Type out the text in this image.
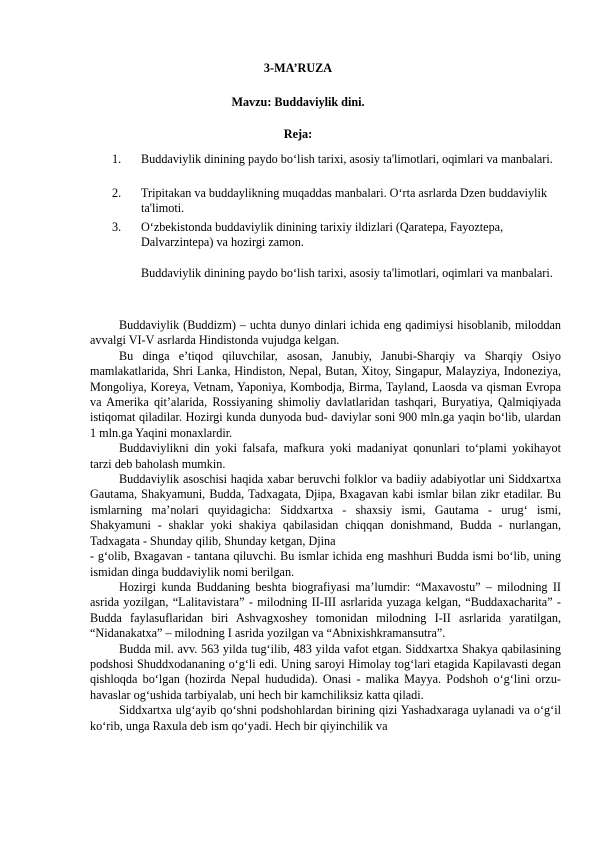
3-MA’RUZA
Mavzu: Buddaviylik dini.
Reja:
1. Buddaviylik dinining paydo bo‘lish tarixi, asosiy ta'limotlari, oqimlari va manbalari.
2. Tripitakan va buddaylikning muqaddas manbalari. O‘rta asrlarda Dzen buddaviylik ta'limoti.
3. O‘zbekistonda buddaviylik dinining tarixiy ildizlari (Qaratepa, Fayoztepa, Dalvarzintepa) va hozirgi zamon.
Buddaviylik dinining paydo bo‘lish tarixi, asosiy ta'limotlari, oqimlari va manbalari.

Buddaviylik (Buddizm) – uchta dunyo dinlari ichida eng qadimiysi hisoblanib, miloddan avvalgi VI-V asrlarda Hindistonda vujudga kelgan.

Bu dinga e’tiqod qiluvchilar, asosan, Janubiy, Janubi-Sharqiy va Sharqiy Osiyo mamlakatlarida, Shri Lanka, Hindiston, Nepal, Butan, Xitoy, Singapur, Malayziya, Indoneziya, Mongoliya, Koreya, Vetnam, Yaponiya, Kombodja, Birma, Tayland, Laosda va qisman Evropa va Amerika qit’alarida, Rossiyaning shimoliy davlatlaridan tashqari, Buryatiya, Qalmiqiyada istiqomat qiladilar. Hozirgi kunda dunyoda bud- daviylar soni 900 mln.ga yaqin bo‘lib, ulardan 1 mln.ga Yaqini monaxlardir.

Buddaviylikni din yoki falsafa, mafkura yoki madaniyat qonunlari to‘plami yokihayot tarzi deb baholash mumkin.

Buddaviylik asoschisi haqida xabar beruvchi folklor va badiiy adabiyotlar uni Siddxartxa Gautama, Shakyamuni, Budda, Tadxagata, Djipa, Bxagavan kabi ismlar bilan zikr etadilar. Bu ismlarning ma’nolari quyidagicha: Siddxartxa - shaxsiy ismi, Gautama - urug‘ ismi, Shakyamuni - shaklar yoki shakiya qabilasidan chiqqan donishmand, Budda - nurlangan, Tadxagata - Shunday qilib, Shunday ketgan, Djina

- g‘olib, Bxagavan - tantana qiluvchi. Bu ismlar ichida eng mashhuri Budda ismi bo‘lib, uning ismidan dinga buddaviylik nomi berilgan.

Hozirgi kunda Buddaning beshta biografiyasi ma’lumdir: “Maxavostu” – milodning II asrida yozilgan, “Lalitavistara” - milodning II-III asrlarida yuzaga kelgan, “Buddaxacharita” - Budda faylasuflaridan biri Ashvagxoshey tomonidan milodning I-II asrlarida yaratilgan, “Nidanakatxa” – milodning I asrida yozilgan va “Abnixishkramansutra”.

Budda mil. avv. 563 yilda tug‘ilib, 483 yilda vafot etgan. Siddxartxa Shakya qabilasining podshosi Shuddxodananing o‘g‘li edi. Uning saroyi Himolay tog‘lari etagida Kapilavasti degan qishloqda bo‘lgan (hozirda Nepal hududida). Onasi - malika Mayya. Podshoh o‘g‘lini orzu-havaslar og‘ushida tarbiyalab, uni hech bir kamchiliksiz katta qiladi.

Siddxartxa ulg‘ayib qo‘shni podshohlardan birining qizi Yashadxaraga uylanadi va o‘g‘il ko‘rib, unga Raxula deb ism qo‘yadi. Hech bir qiyinchilik va
